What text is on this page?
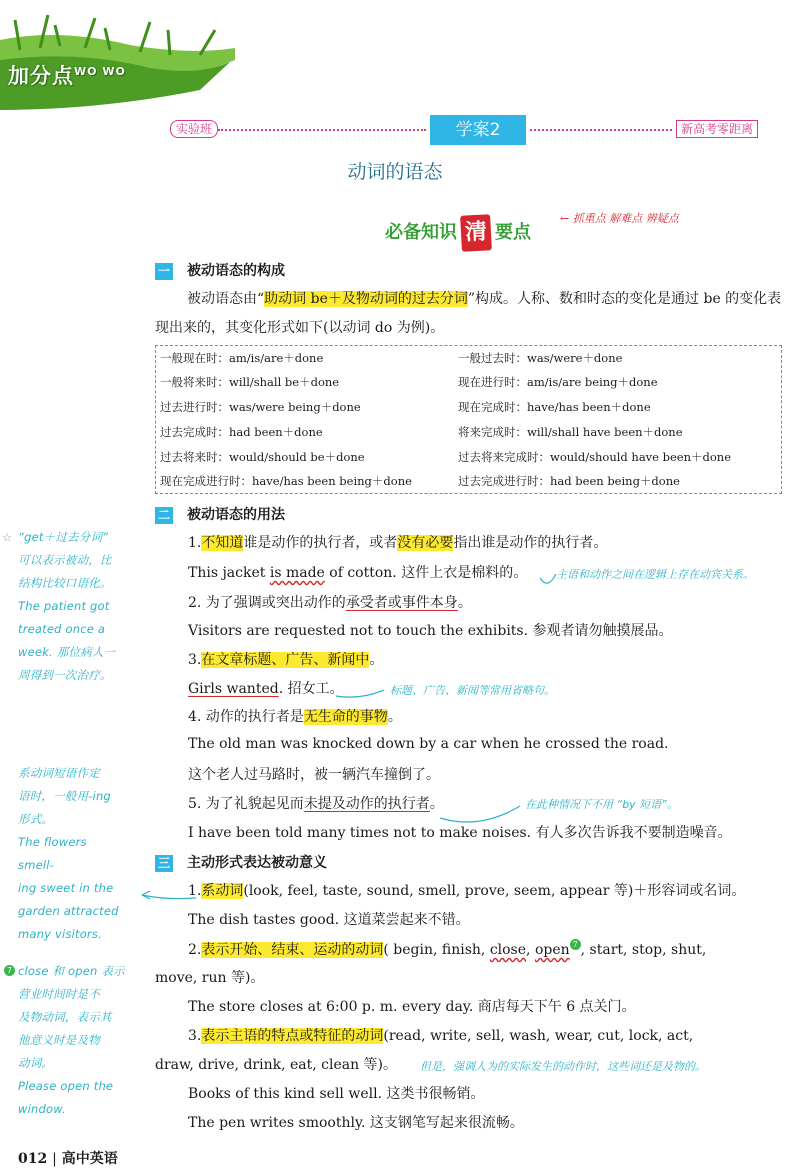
加分点$^{WO WO}$
实验班	学案2	新高考零距离
动词的语态
必备知识 清 要点
← 抓重点 解难点 辨疑点
一 被动语态的构成
被动语态由“助动词 be＋及物动词的过去分词”构成。人称、数和时态的变化是通过 be 的变化表现出来的，其变化形式如下(以动词 do 为例)。
一般现在时：am/is/are＋done	一般过去时：was/were＋done
一般将来时：will/shall be＋done	现在进行时：am/is/are being＋done
过去进行时：was/were being＋done	现在完成时：have/has been＋done
过去完成时：had been＋done	将来完成时：will/shall have been＋done
过去将来时：would/should be＋done	过去将来完成时：would/should have been＋done
现在完成进行时：have/has been being＋done	过去完成进行时：had been being＋done
二 被动语态的用法
1.不知道谁是动作的执行者，或者没有必要指出谁是动作的执行者。
This jacket is made of cotton. 这件上衣是棉料的。	主语和动作之间在逻辑上存在动宾关系。
2. 为了强调或突出动作的承受者或事件本身。
Visitors are requested not to touch the exhibits. 参观者请勿触摸展品。
3.在文章标题、广告、新闻中。
Girls wanted. 招女工。	标题、广告、新闻等常用省略句。
4. 动作的执行者是无生命的事物。
The old man was knocked down by a car when he crossed the road.
这个老人过马路时，被一辆汽车撞倒了。
5. 为了礼貌起见而未提及动作的执行者。	在此种情况下不用 “by 短语”。
I have been told many times not to make noises. 有人多次告诉我不要制造噪音。
三 主动形式表达被动意义
1.系动词(look, feel, taste, sound, smell, prove, seem, appear 等)＋形容词或名词。
The dish tastes good. 这道菜尝起来不错。
2.表示开始、结束、运动的动词( begin, finish, close, open 7 , start, stop, shut,
move, run 等)。
The store closes at 6:00 p. m. every day. 商店每天下午 6 点关门。
3.表示主语的特点或特征的动词(read, write, sell, wash, wear, cut, lock, act,
draw, drive, drink, eat, clean 等)。 但是，强调人为的实际发生的动作时，这些词还是及物的。
Books of this kind sell well. 这类书很畅销。
The pen writes smoothly. 这支钢笔写起来很流畅。
☆ “get＋过去分词”
可以表示被动，比
结构比较口语化。
The patient got
treated once a
week. 那位病人一
周得到一次治疗。
系动词短语作定
语时，一般用-ing
形式。
The flowers smell-
ing sweet in the
garden attracted
many visitors.
7 close 和 open 表示
营业时间时是不
及物动词，表示其
他意义时是及物
动词。
Please open the
window.
012 | 高中英语
